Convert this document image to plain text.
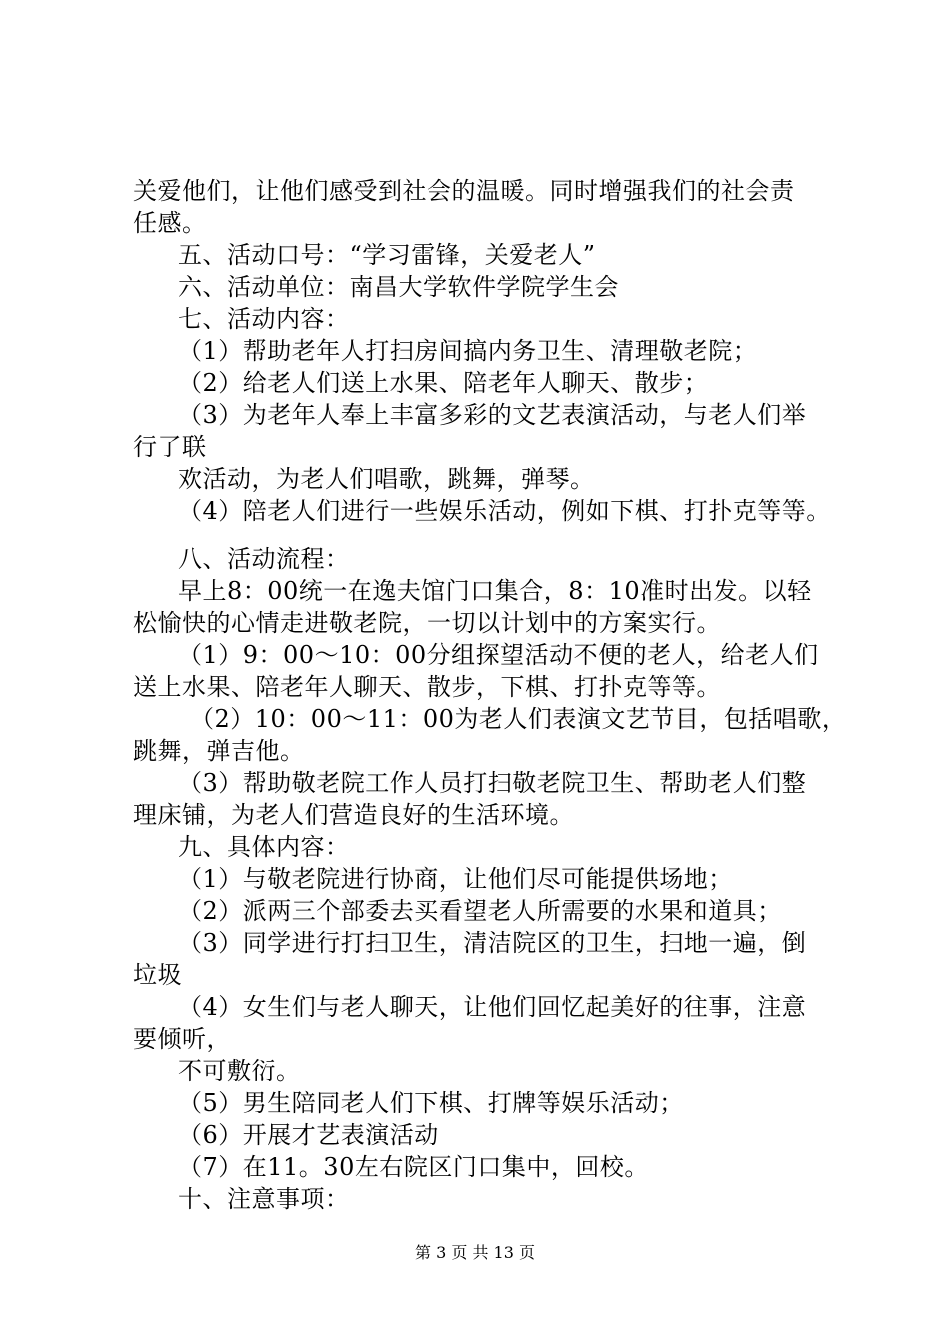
关爱他们，让他们感受到社会的温暖。同时增强我们的社会责
任感。
五、活动口号：“学习雷锋，关爱老人”
六、活动单位：南昌大学软件学院学生会
七、活动内容：
（1）帮助老年人打扫房间搞内务卫生、清理敬老院；
（2）给老人们送上水果、陪老年人聊天、散步；
（3）为老年人奉上丰富多彩的文艺表演活动，与老人们举
行了联
欢活动，为老人们唱歌，跳舞，弹琴。
（4）陪老人们进行一些娱乐活动，例如下棋、打扑克等等。
八、活动流程：
早上8：00统一在逸夫馆门口集合，8：10准时出发。以轻
松愉快的心情走进敬老院，一切以计划中的方案实行。
（1）9：00～10：00分组探望活动不便的老人，给老人们
送上水果、陪老年人聊天、散步，下棋、打扑克等等。
（2）10：00～11：00为老人们表演文艺节目，包括唱歌，
跳舞，弹吉他。
（3）帮助敬老院工作人员打扫敬老院卫生、帮助老人们整
理床铺，为老人们营造良好的生活环境。
九、具体内容：
（1）与敬老院进行协商，让他们尽可能提供场地；
（2）派两三个部委去买看望老人所需要的水果和道具；
（3）同学进行打扫卫生，清洁院区的卫生，扫地一遍，倒
垃圾
（4）女生们与老人聊天，让他们回忆起美好的往事，注意
要倾听，
不可敷衍。
（5）男生陪同老人们下棋、打牌等娱乐活动；
（6）开展才艺表演活动
（7）在11。30左右院区门口集中，回校。
十、注意事项：
第 3 页 共 13 页
